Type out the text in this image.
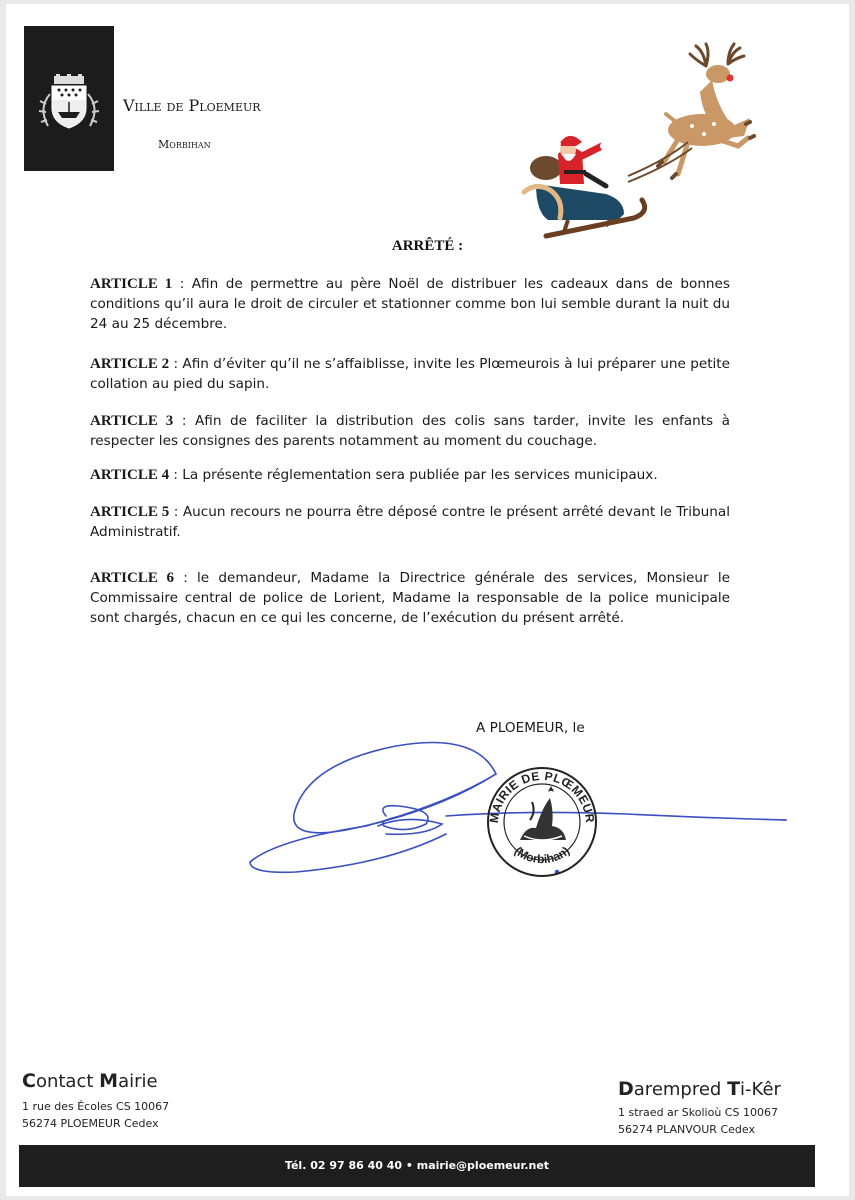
Ville de Ploemeur
Morbihan
ARRÊTÉ :

ARTICLE 1 : Afin de permettre au père Noël de distribuer les cadeaux dans de bonnes conditions qu’il aura le droit de circuler et stationner comme bon lui semble durant la nuit du 24 au 25 décembre.

ARTICLE 2 : Afin d’éviter qu’il ne s’affaiblisse, invite les Plœmeurois à lui préparer une petite collation au pied du sapin.

ARTICLE 3 : Afin de faciliter la distribution des colis sans tarder, invite les enfants à respecter les consignes des parents notamment au moment du couchage.

ARTICLE 4 : La présente réglementation sera publiée par les services municipaux.

ARTICLE 5 : Aucun recours ne pourra être déposé contre le présent arrêté devant le Tribunal Administratif.

ARTICLE 6 : le demandeur, Madame la Directrice générale des services, Monsieur le Commissaire central de police de Lorient, Madame la responsable de la police municipale sont chargés, chacun en ce qui les concerne, de l’exécution du présent arrêté.

A PLOEMEUR, le
MAIRIE DE PLŒMEUR
(Morbihan)
Contact Mairie
1 rue des Écoles CS 10067
56274 PLOEMEUR Cedex
Darempred Ti-Kêr
1 straed ar Skolioù CS 10067
56274 PLANVOUR Cedex
Tél. 02 97 86 40 40 • mairie@ploemeur.net
